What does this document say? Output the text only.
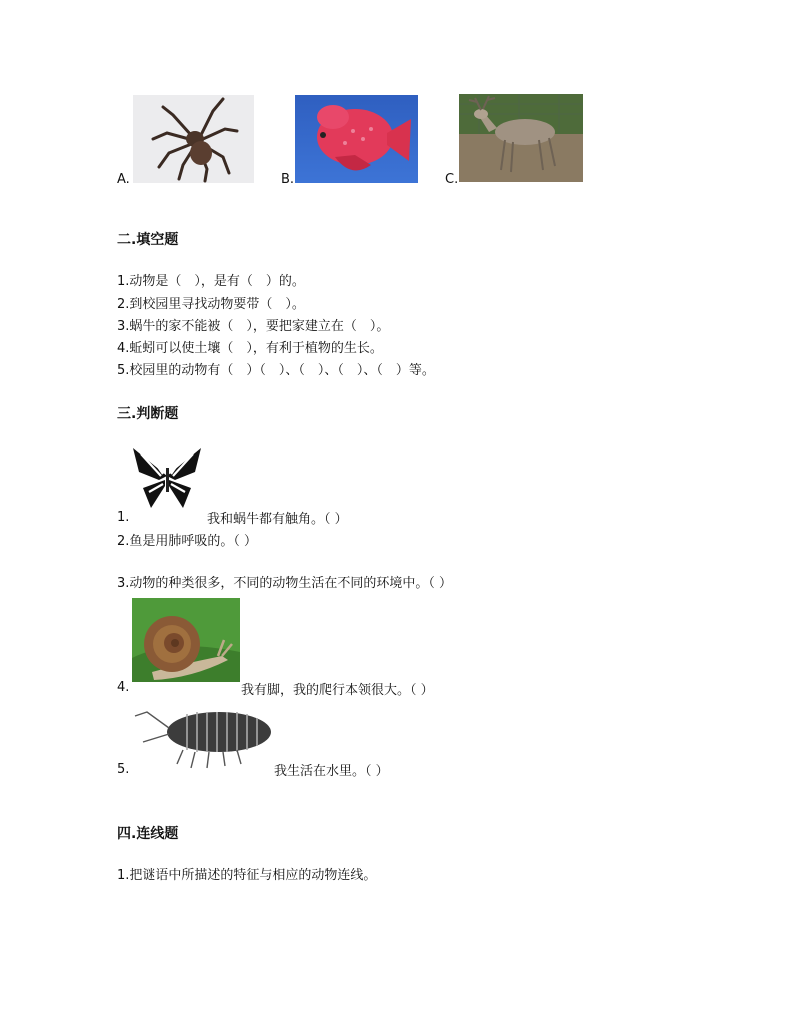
A.	B.	C.
二.填空题
1.动物是（　），是有（　）的。
2.到校园里寻找动物要带（　）。
3.蜗牛的家不能被（　），要把家建立在（　）。
4.蚯蚓可以使土壤（　），有利于植物的生长。
5.校园里的动物有（　）（　）、（　）、（　）、（　）等。
三.判断题
1.	我和蜗牛都有触角。（ ）
2.鱼是用肺呼吸的。（ ）
3.动物的种类很多，不同的动物生活在不同的环境中。（ ）
4.	我有脚，我的爬行本领很大。（ ）
5.	我生活在水里。（ ）
四.连线题
1.把谜语中所描述的特征与相应的动物连线。
